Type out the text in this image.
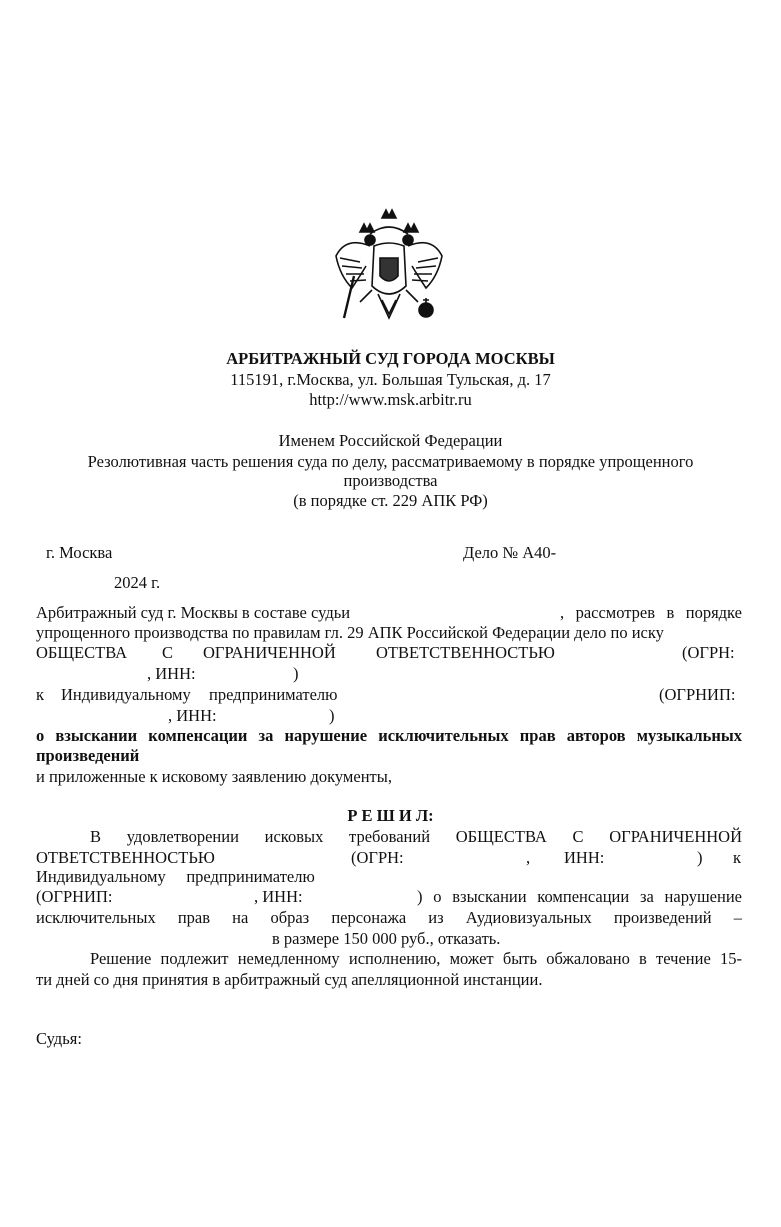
АРБИТРАЖНЫЙ СУД ГОРОДА МОСКВЫ
115191, г.Москва, ул. Большая Тульская, д. 17
http://www.msk.arbitr.ru
Именем Российской Федерации
Резолютивная часть решения суда по делу, рассматриваемому в порядке упрощенного
производства
(в порядке ст. 229 АПК РФ)
г. Москва	Дело № А40-
2024 г.
Арбитражный суд г. Москвы в составе судьи	, рассмотрев в порядке
упрощенного производства по правилам гл. 29 АПК Российской Федерации дело по иску
ОБЩЕСТВА С ОГРАНИЧЕННОЙ ОТВЕТСТВЕННОСТЬЮ	(ОГРН:
, ИНН:	)
к Индивидуальному предпринимателю	(ОГРНИП:
, ИНН:	)
о взыскании компенсации за нарушение исключительных прав авторов музыкальных
произведений
и приложенные к исковому заявлению документы,
Р Е Ш И Л:
В удовлетворении исковых требований ОБЩЕСТВА С ОГРАНИЧЕННОЙ
ОТВЕТСТВЕННОСТЬЮ	(ОГРН:	, ИНН:	) к
Индивидуальному     предпринимателю
(ОГРНИП:	, ИНН:	) о взыскании компенсации за нарушение
исключительных прав на образ персонажа из Аудиовизуальных произведений –
в размере 150 000 руб., отказать.
Решение подлежит немедленному исполнению, может быть обжаловано в течение 15-
ти дней со дня принятия в арбитражный суд апелляционной инстанции.
Судья:
